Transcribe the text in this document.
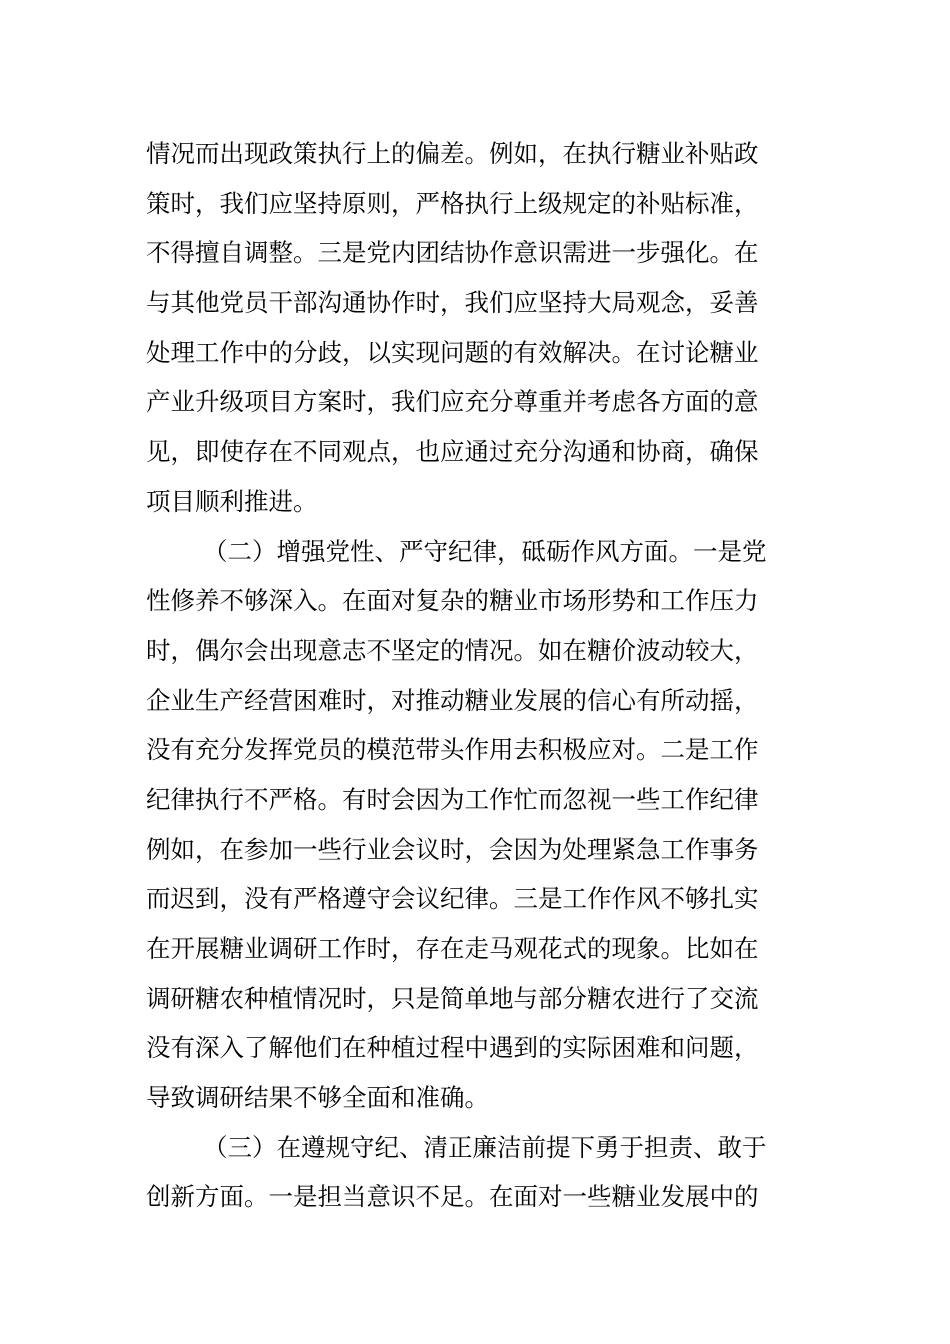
情况而出现政策执行上的偏差。例如，在执行糖业补贴政
策时，我们应坚持原则，严格执行上级规定的补贴标准，
不得擅自调整。三是党内团结协作意识需进一步强化。在
与其他党员干部沟通协作时，我们应坚持大局观念，妥善
处理工作中的分歧，以实现问题的有效解决。在讨论糖业
产业升级项目方案时，我们应充分尊重并考虑各方面的意
见，即使存在不同观点，也应通过充分沟通和协商，确保
项目顺利推进。
（二）增强党性、严守纪律，砥砺作风方面。一是党
性修养不够深入。在面对复杂的糖业市场形势和工作压力
时，偶尔会出现意志不坚定的情况。如在糖价波动较大，
企业生产经营困难时，对推动糖业发展的信心有所动摇，
没有充分发挥党员的模范带头作用去积极应对。二是工作
纪律执行不严格。有时会因为工作忙而忽视一些工作纪律
例如，在参加一些行业会议时，会因为处理紧急工作事务
而迟到，没有严格遵守会议纪律。三是工作作风不够扎实
在开展糖业调研工作时，存在走马观花式的现象。比如在
调研糖农种植情况时，只是简单地与部分糖农进行了交流
没有深入了解他们在种植过程中遇到的实际困难和问题，
导致调研结果不够全面和准确。
（三）在遵规守纪、清正廉洁前提下勇于担责、敢于
创新方面。一是担当意识不足。在面对一些糖业发展中的
